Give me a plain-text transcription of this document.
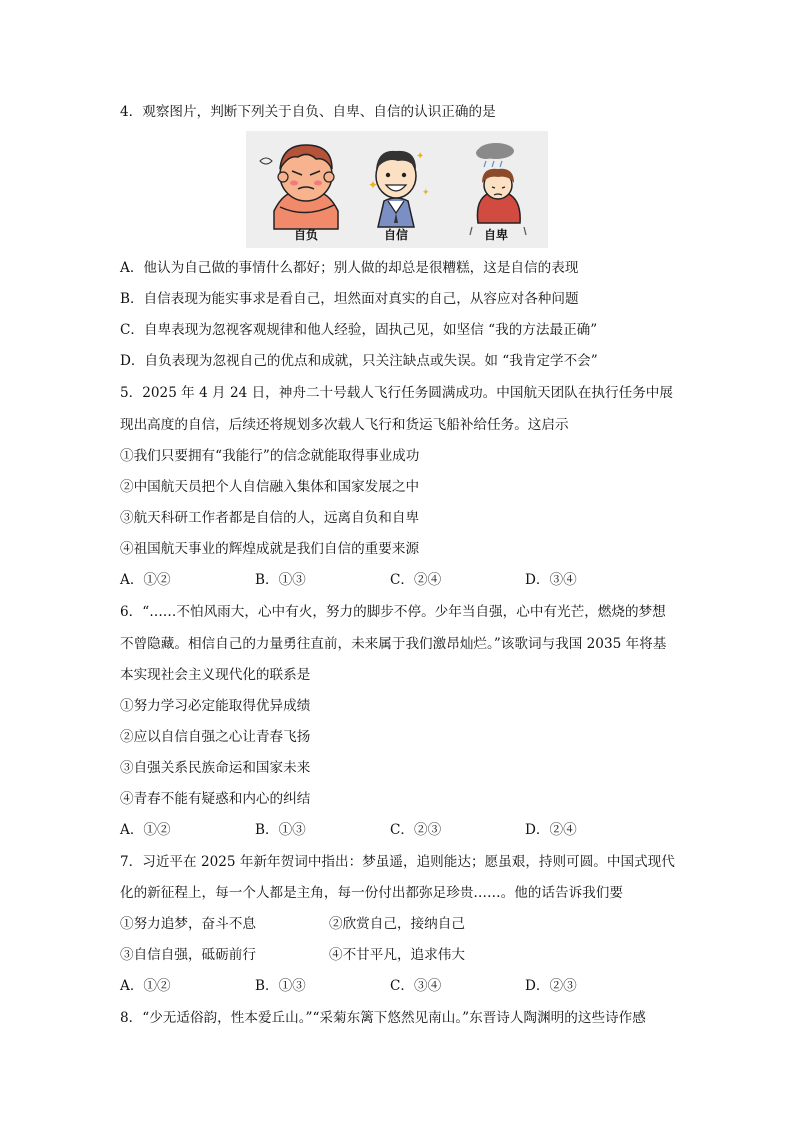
4．观察图片，判断下列关于自负、自卑、自信的认识正确的是
✦
✦
✦
自负	自信	自卑
A．他认为自己做的事情什么都好；别人做的却总是很糟糕，这是自信的表现
B．自信表现为能实事求是看自己，坦然面对真实的自己，从容应对各种问题
C．自卑表现为忽视客观规律和他人经验，固执己见，如坚信 “我的方法最正确”
D．自负表现为忽视自己的优点和成就，只关注缺点或失误。如 “我肯定学不会”
5．2025 年 4 月 24 日，神舟二十号载人飞行任务圆满成功。中国航天团队在执行任务中展
现出高度的自信，后续还将规划多次载人飞行和货运飞船补给任务。这启示
①我们只要拥有“我能行”的信念就能取得事业成功
②中国航天员把个人自信融入集体和国家发展之中
③航天科研工作者都是自信的人，远离自负和自卑
④祖国航天事业的辉煌成就是我们自信的重要来源
A．①②	B．①③	C．②④	D．③④
6．“……不怕风雨大，心中有火，努力的脚步不停。少年当自强，心中有光芒，燃烧的梦想
不曾隐藏。相信自己的力量勇往直前，未来属于我们激昂灿烂。”该歌词与我国 2035 年将基
本实现社会主义现代化的联系是
①努力学习必定能取得优异成绩
②应以自信自强之心让青春飞扬
③自强关系民族命运和国家未来
④青春不能有疑惑和内心的纠结
A．①②	B．①③	C．②③	D．②④
7．习近平在 2025 年新年贺词中指出：梦虽遥，追则能达；愿虽艰，持则可圆。中国式现代
化的新征程上，每一个人都是主角，每一份付出都弥足珍贵……。他的话告诉我们要
①努力追梦，奋斗不息	②欣赏自己，接纳自己
③自信自强，砥砺前行	④不甘平凡，追求伟大
A．①②	B．①③	C．③④	D．②③
8．“少无适俗韵，性本爱丘山。”“采菊东篱下悠然见南山。”东晋诗人陶渊明的这些诗作感
